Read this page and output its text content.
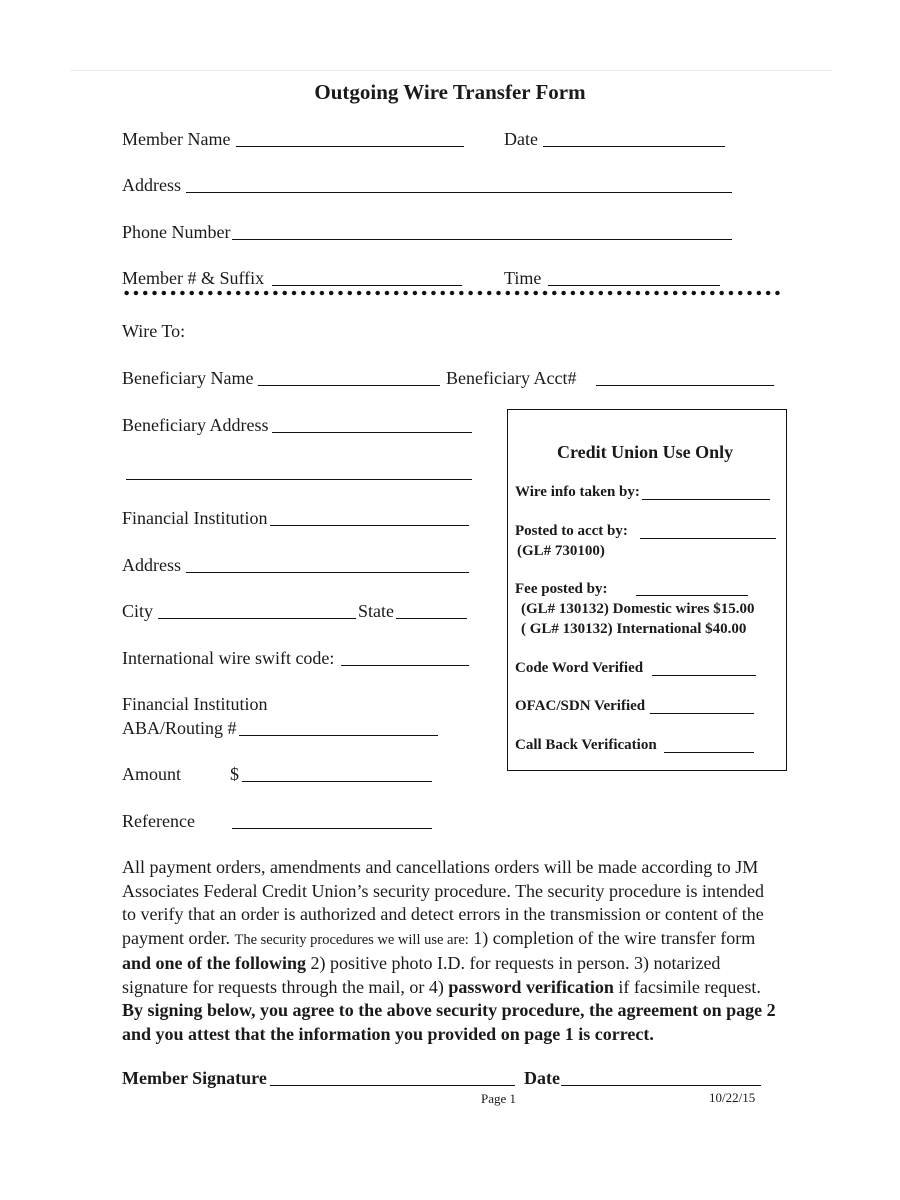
Outgoing Wire Transfer Form
Member Name	Date
Address
Phone Number
Member # & Suffix	Time
Wire To:
Beneficiary Name	Beneficiary Acct#
Beneficiary Address
Financial Institution
Address
City	State
International wire swift code:
Financial Institution
ABA/Routing #
Amount	$
Reference
Credit Union Use Only
Wire info taken by:
Posted to acct by:
(GL# 730100)
Fee posted by:
(GL# 130132) Domestic wires $15.00
( GL# 130132) International $40.00
Code Word Verified
OFAC/SDN Verified
Call Back Verification
All payment orders, amendments and cancellations orders will be made according to JM Associates Federal Credit Union’s security procedure. The security procedure is intended to verify that an order is authorized and detect errors in the transmission or content of the payment order. The security procedures we will use are: 1) completion of the wire transfer form and one of the following 2) positive photo I.D. for requests in person. 3) notarized signature for requests through the mail, or 4) password verification if facsimile request. By signing below, you agree to the above security procedure, the agreement on page 2 and you attest that the information you provided on page 1 is correct.
Member Signature	Date
Page 1	10/22/15
